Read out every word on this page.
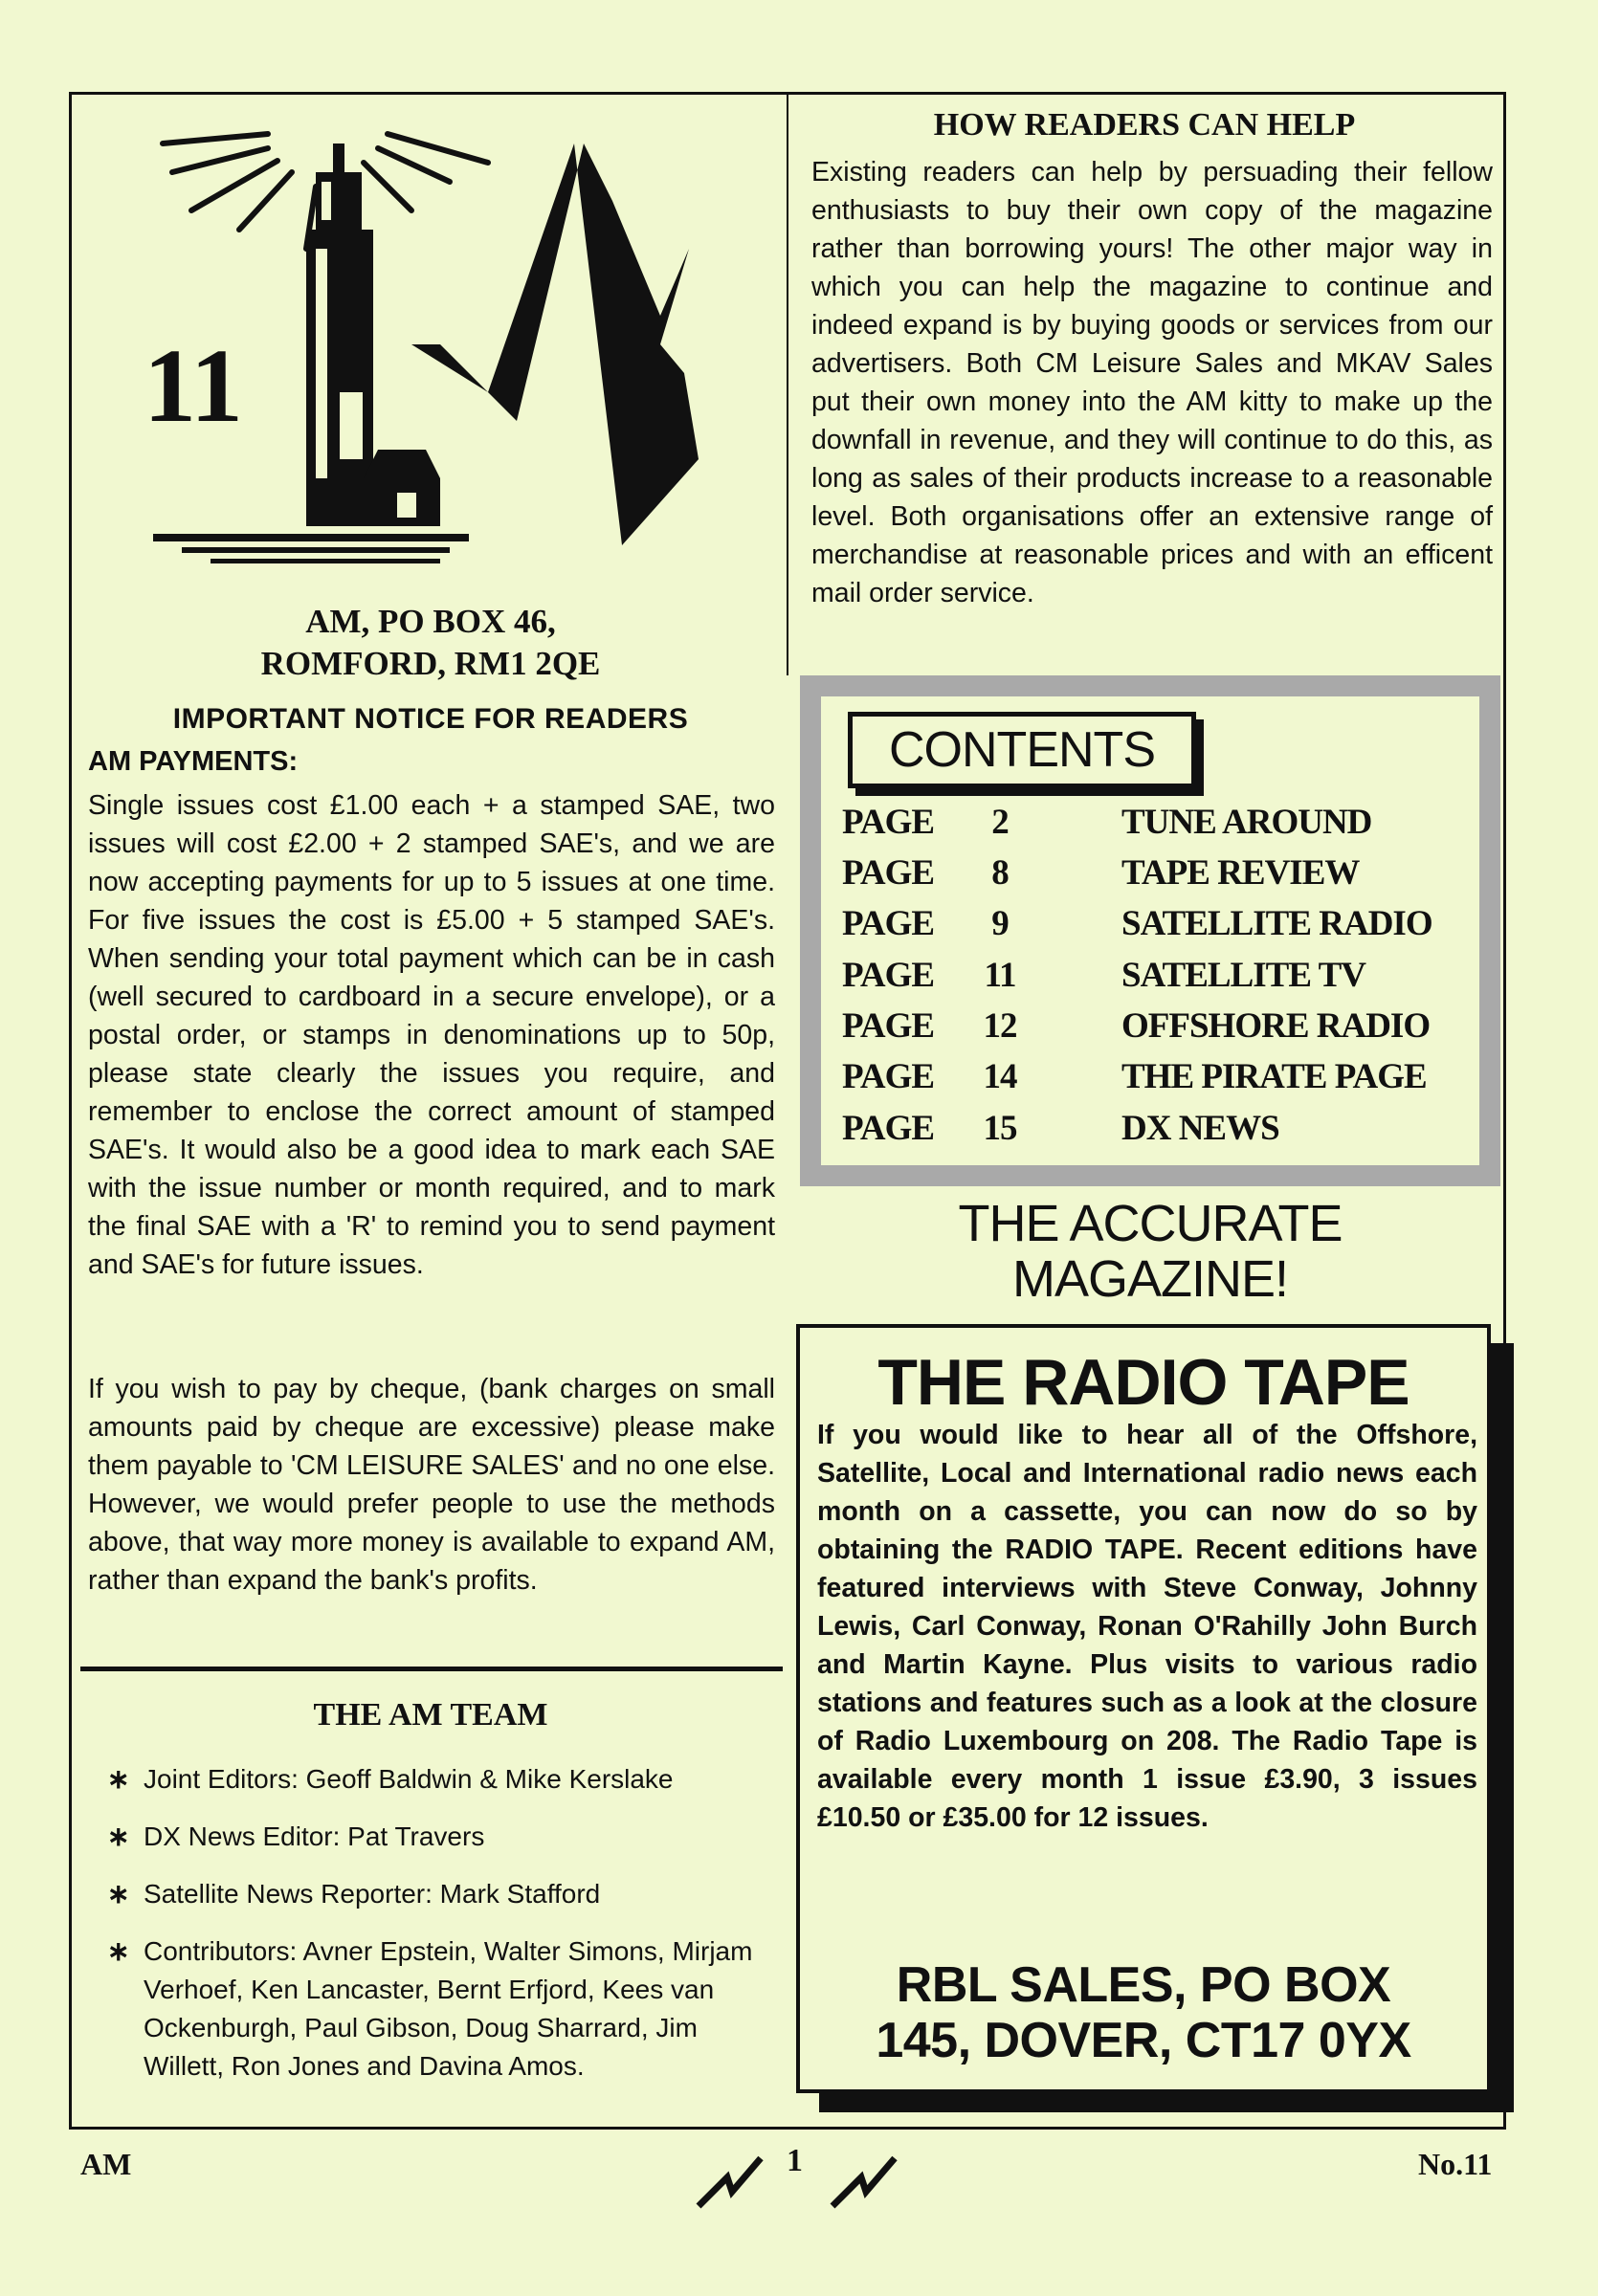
11
AM, PO BOX 46,
ROMFORD, RM1 2QE
IMPORTANT NOTICE FOR READERS
AM PAYMENTS:
Single issues cost £1.00 each + a stamped SAE, two issues will cost £2.00 + 2 stamped SAE's, and we are now accepting payments for up to 5 issues at one time. For five issues the cost is £5.00 + 5 stamped SAE's. When sending your total payment which can be in cash (well secured to cardboard in a secure envelope), or a postal order, or stamps in denominations up to 50p, please state clearly the issues you require, and remember to enclose the correct amount of stamped SAE's. It would also be a good idea to mark each SAE with the issue number or month required, and to mark the final SAE with a 'R' to remind you to send payment and SAE's for future issues.
If you wish to pay by cheque, (bank charges on small amounts paid by cheque are excessive) please make them payable to 'CM LEISURE SALES' and no one else. However, we would prefer people to use the methods above, that way more money is available to expand AM, rather than expand the bank's profits.
THE AM TEAM
∗ Joint Editors: Geoff Baldwin & Mike Kerslake
∗ DX News Editor: Pat Travers
∗ Satellite News Reporter: Mark Stafford
∗ Contributors: Avner Epstein, Walter Simons, Mirjam Verhoef, Ken Lancaster, Bernt Erfjord, Kees van Ockenburgh, Paul Gibson, Doug Sharrard, Jim Willett, Ron Jones and Davina Amos.
HOW READERS CAN HELP
Existing readers can help by persuading their fellow enthusiasts to buy their own copy of the magazine rather than borrowing yours! The other major way in which you can help the magazine to continue and indeed expand is by buying goods or services from our advertisers. Both CM Leisure Sales and MKAV Sales put their own money into the AM kitty to make up the downfall in revenue, and they will continue to do this, as long as sales of their products increase to a reasonable level. Both organisations offer an extensive range of merchandise at reasonable prices and with an efficent mail order service.
CONTENTS
PAGE	2	TUNE AROUND
PAGE	8	TAPE REVIEW
PAGE	9	SATELLITE RADIO
PAGE 11	SATELLITE TV
PAGE 12	OFFSHORE RADIO
PAGE 14	THE PIRATE PAGE
PAGE 15	DX NEWS
THE ACCURATE
MAGAZINE!
THE RADIO TAPE
If you would like to hear all of the Offshore, Satellite, Local and International radio news each month on a cassette, you can now do so by obtaining the RADIO TAPE. Recent editions have featured interviews with Steve Conway, Johnny Lewis, Carl Conway, Ronan O'Rahilly John Burch and Martin Kayne. Plus visits to various radio stations and features such as a look at the closure of Radio Luxembourg on 208. The Radio Tape is available every month 1 issue £3.90, 3 issues £10.50 or £35.00 for 12 issues.
RBL SALES, PO BOX
145, DOVER, CT17 0YX
AM	1	No.11
